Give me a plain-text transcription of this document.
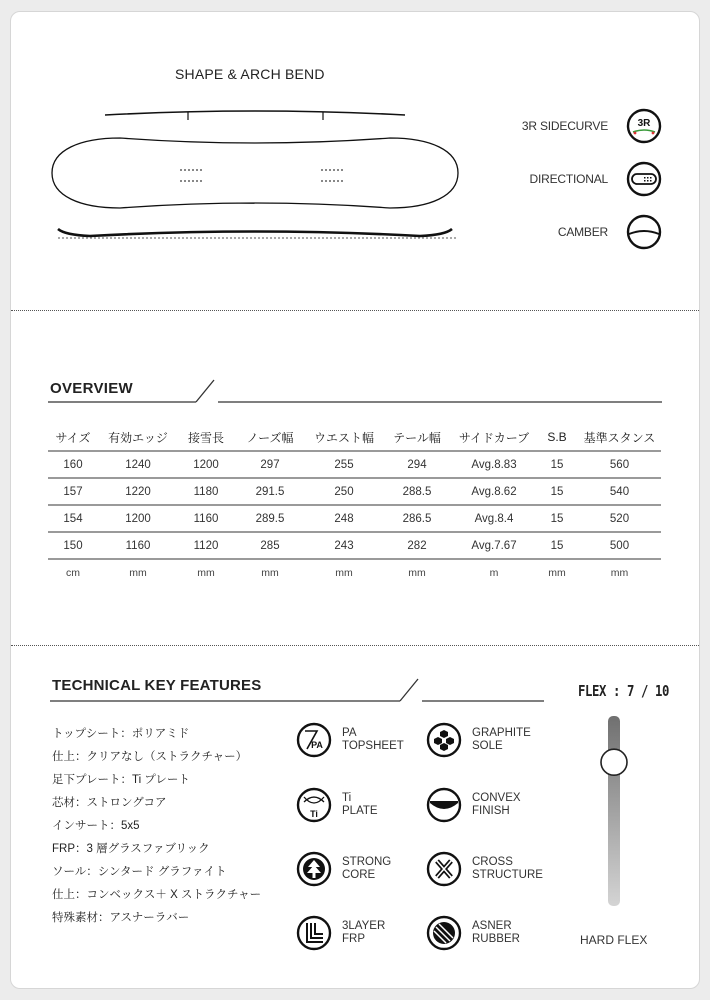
SHAPE & ARCH BEND
3R SIDECURVE	3R
DIRECTIONAL
CAMBER
OVERVIEW
サイズ	有効エッジ	接雪長	ノーズ幅	ウエスト幅	テール幅	サイドカーブ	S.B	基準スタンス
160	1240	1200	297	255	294	Avg.8.83	15	560
157	1220	1180	291.5	250	288.5	Avg.8.62	15	540
154	1200	1160	289.5	248	286.5	Avg.8.4	15	520
150	1160	1120	285	243	282	Avg.7.67	15	500
cm	mm	mm	mm	mm	mm	m	mm	mm
TECHNICAL KEY FEATURES
トップシート：ポリアミド
仕上：クリアなし（ストラクチャー）
足下プレート：Ti プレート
芯材：ストロングコア
インサート：5x5
FRP：3 層グラスファブリック
ソール：シンタード グラファイト
仕上：コンベックス＋ X ストラクチャー
特殊素材：アスナーラバー
PA
PA
TOPSHEET
GRAPHITE
SOLE
Ti
Ti
PLATE
CONVEX
FINISH
STRONG
CORE
CROSS
STRUCTURE
3LAYER
FRP
ASNER
RUBBER
FLEX : 7 / 10
HARD FLEX
